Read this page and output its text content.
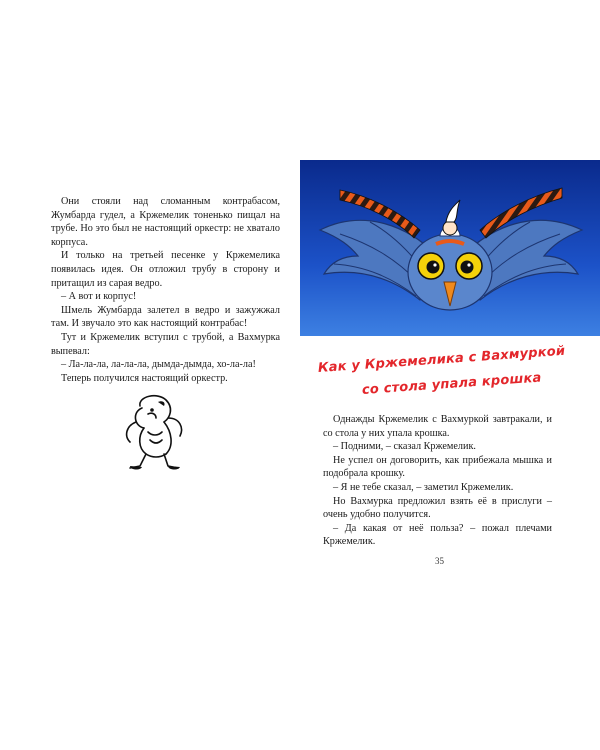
Они стояли над сломанным контрабасом, Жумбарда гудел, а Кржемелик тоненько пищал на трубе. Но это был не настоящий оркестр: не хватало корпуса.

И только на третьей песенке у Кржемелика появилась идея. Он отложил трубу в сторону и притащил из сарая ведро.

– А вот и корпус!

Шмель Жумбарда залетел в ведро и зажужжал там. И звучало это как настоящий контрабас!

Тут и Кржемелик вступил с трубой, а Вахмурка выпевал:

– Ла-ла-ла, ла-ла-ла, дымда-дымда, хо-ла-ла!

Теперь получился настоящий оркестр.

Как у Кржемелика с Вахмуркой
со стола упала крошка

Однажды Кржемелик с Вахмуркой завтракали, и со стола у них упала крошка.

– Подними, – сказал Кржемелик.

Не успел он договорить, как прибежала мышка и подобрала крошку.

– Я не тебе сказал, – заметил Кржемелик.

Но Вахмурка предложил взять её в прислуги – очень удобно получится.

– Да какая от неё польза? – пожал плечами Кржемелик.

35
